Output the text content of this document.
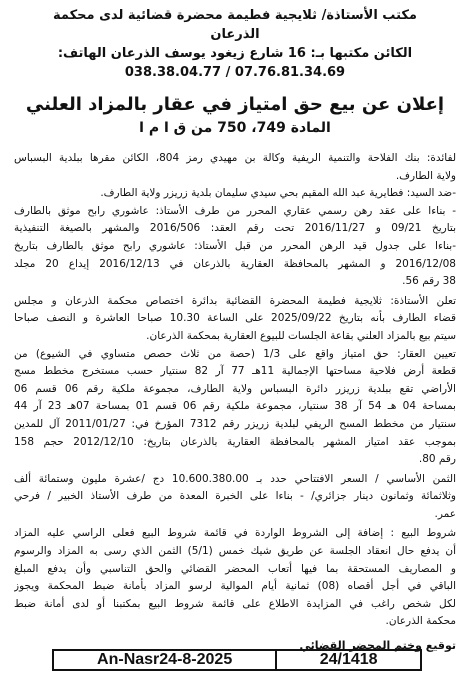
مكتب الأستاذة/ ثلايجية فطيمة محضرة قضائية لدى محكمة
الذرعان
الكائن مكتبها بـ: 16 شارع زيغود يوسف الذرعان الهاتف:
038.38.04.77 / 07.76.81.34.69
إعلان عن بيع حق امتياز في عقار بالمزاد العلني
المادة 749، 750 من ق ا م ا
لفائدة: بنك الفلاحة والتنمية الريفية وكالة بن مهيدي رمز 804، الكائن مقرها ببلدية البسباس
ولاية الطارف.
-ضد السيد: فطايرية عبد الله المقيم بحي سيدي سليمان بلدية زريزر ولاية الطارف.
- بناءا على عقد رهن رسمي عقاري المحرر من طرف الأستاذ: عاشوري رابح موثق بالطارف
بتاريخ 09/21 و 2016/11/27 تحت رقم العقد: 2016/506 والمشهر بالصيغة التنفيذية
-بناءا على جدول قيد الرهن المحرر من قبل الأستاذ: عاشوري رابح موثق بالطارف بتاريخ
2016/12/08 و المشهر بالمحافظة العقارية بالذرعان في 2016/12/13 إيداع 20 مجلد
38 رقم 56.
تعلن الأستاذة: ثلايجية فطيمة المحضرة القضائية بدائرة اختصاص محكمة الذرعان و مجلس
قضاء الطارف بأنه بتاريخ 2025/09/22 على الساعة 10.30 صباحا العاشرة و النصف صباحا
سيتم بيع بالمزاد العلني بقاعة الجلسات للبيوع العقارية بمحكمة الذرعان.
تعيين العقار: حق امتياز واقع على 1/3 (حصة من ثلاث حصص متساوي في الشيوع) من
قطعة أرض فلاحية مساحتها الإجمالية 11هـ 77 آر 82 سنتيار حسب مستخرج مخطط مسح
الأراضي تقع ببلدية زريزر دائرة البسباس ولاية الطارف، مجموعة ملكية رقم 06 قسم 06
بمساحة 04 هـ 54 آر 38 سنتيار، مجموعة ملكية رقم 06 قسم 01 بمساحة 07هـ 23 آر 44
سنتيار من مخطط المسح الريفي لبلدية زريزر رقم 7312 المؤرخ في: 2011/01/27 آل للمدين
بموجب عقد امتياز المشهر بالمحافظة العقارية بالذرعان بتاريخ: 2012/12/10 حجم 158
رقم 80.
الثمن الأساسي / السعر الافتتاحي حدد بـ 10.600.380.00 دج /عشرة مليون وستمائة ألف
وثلاثمائة وثمانون دينار جزائري/ - بناءا على الخبرة المعدة من طرف الأستاذ الخبير / فرحي
عمر.
شروط البيع : إضافة إلى الشروط الواردة في قائمة شروط البيع فعلى الراسي عليه المزاد
أن يدفع حال انعقاد الجلسة عن طريق شيك خمس (5/1) الثمن الذي رسى به المزاد والرسوم
و المصاريف المستحقة بما فيها أتعاب المحضر القضائي والحق التناسبي وأن يدفع المبلغ
الباقي في أجل أقصاه (08) ثمانية أيام الموالية لرسو المزاد بأمانة ضبط المحكمة ويجوز
لكل شخص راغب في المزايدة الاطلاع على قائمة شروط البيع بمكتبنا أو لدى أمانة ضبط
محكمة الذرعان.
توقيع وختم المحضر القضائي
An-Nasr24-8-2025	24/1418
